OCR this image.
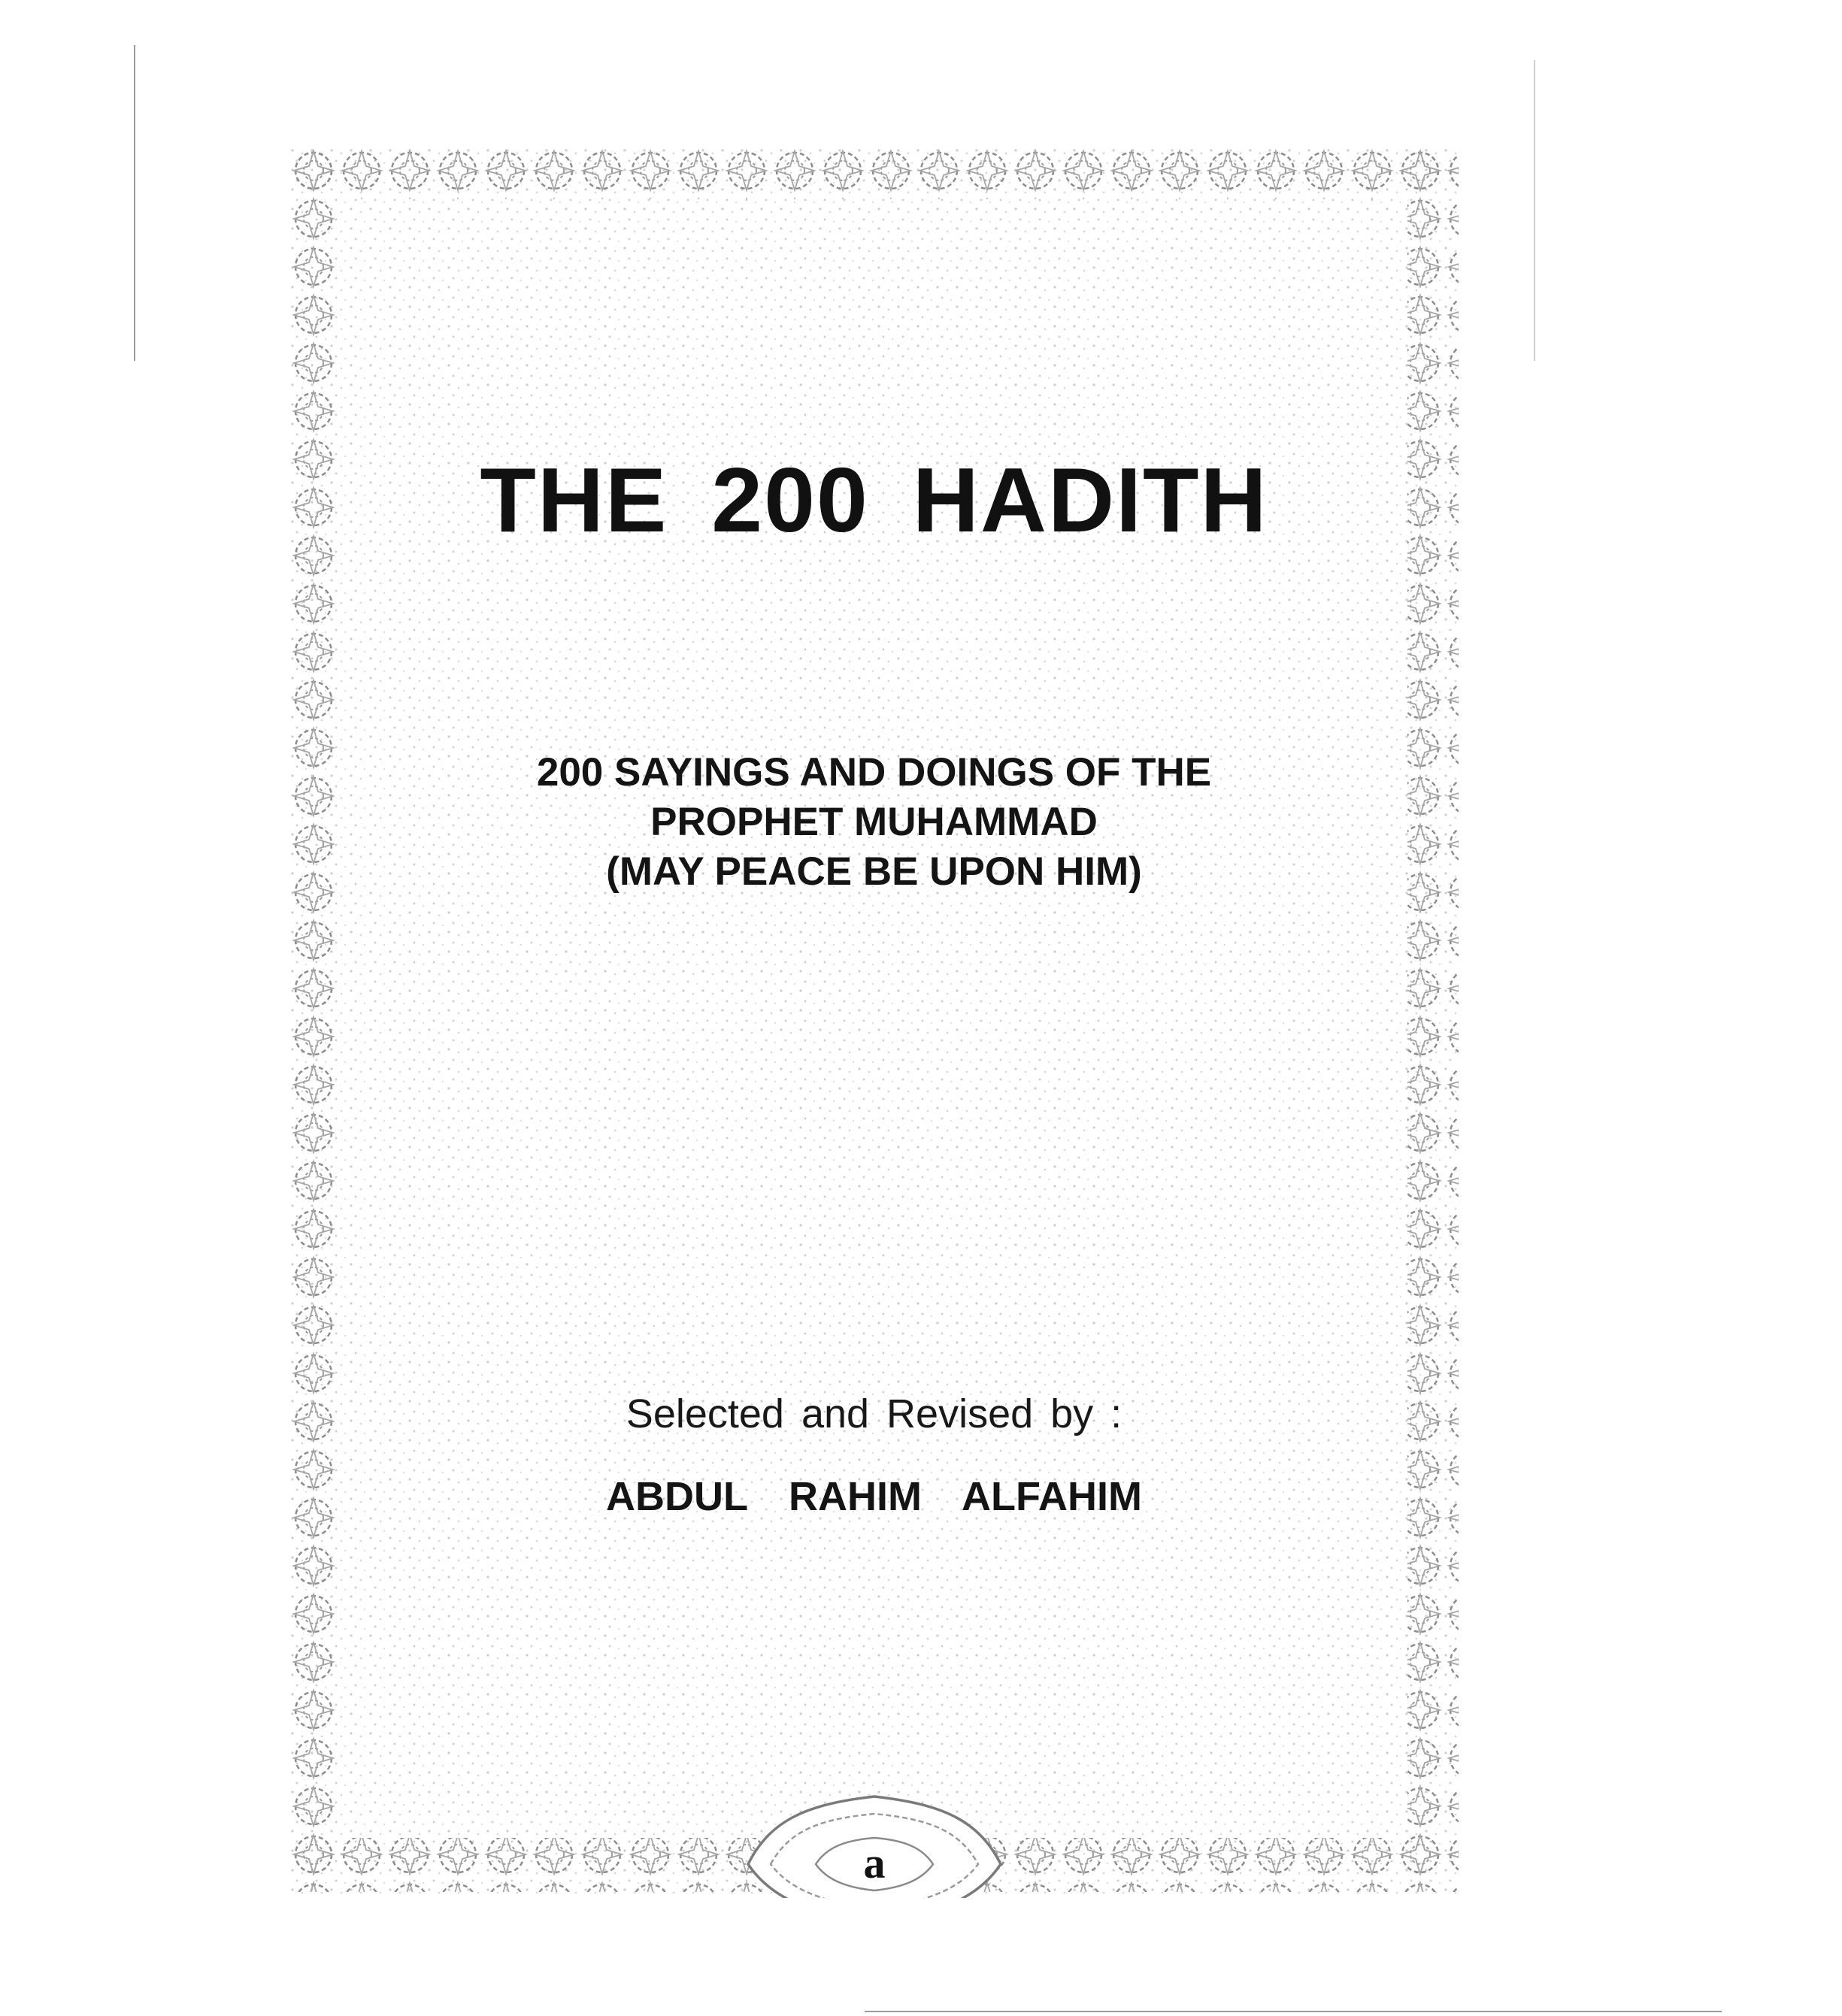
THE 200 HADITH
200 SAYINGS AND DOINGS OF THE
PROPHET MUHAMMAD
(MAY PEACE BE UPON HIM)
Selected and Revised by :
ABDUL RAHIM ALFAHIM
a
